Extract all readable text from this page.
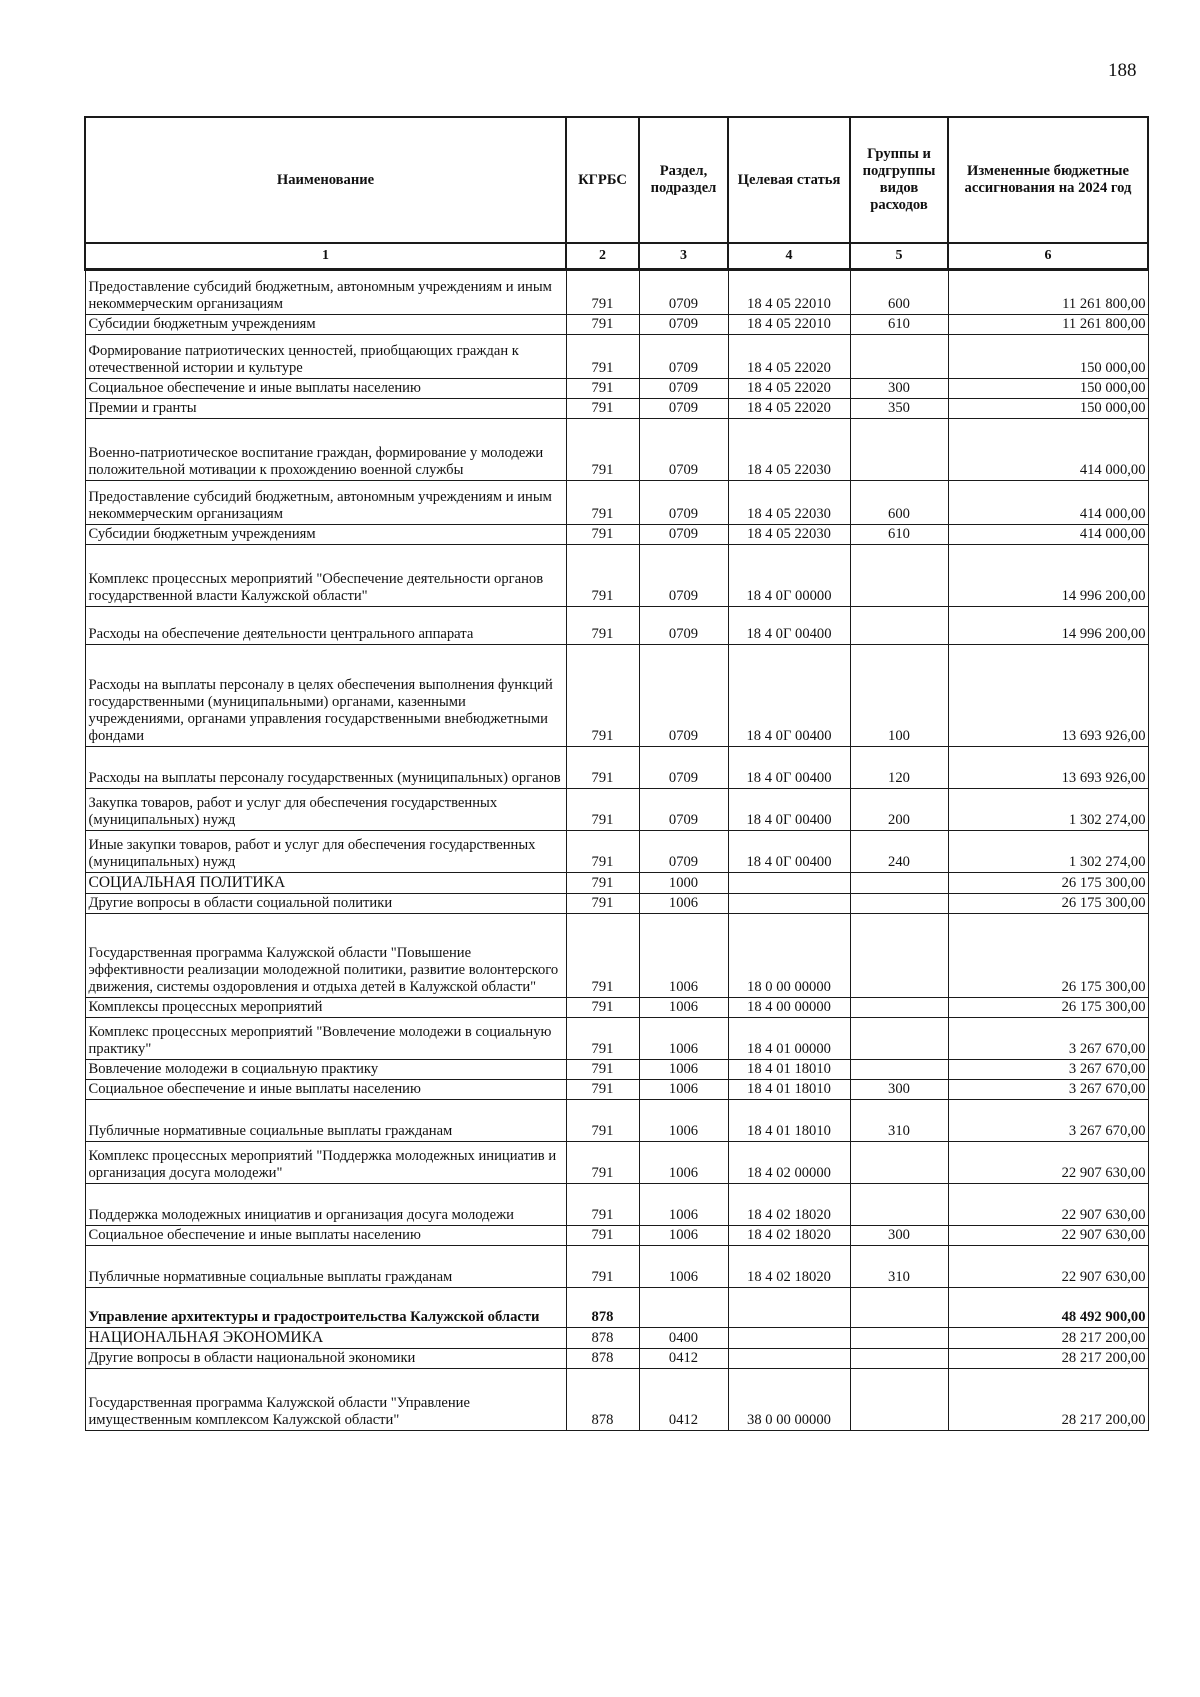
188
Наименование	КГРБС	Раздел, подраздел	Целевая статья	Группы и подгруппы видов расходов	Измененные бюджетные ассигнования на 2024 год
1	2	3	4	5	6
Предоставление субсидий бюджетным, автономным учреждениям и иным некоммерческим организациям	791	0709	18 4 05 22010	600	11 261 800,00
Субсидии бюджетным учреждениям	791	0709	18 4 05 22010	610	11 261 800,00
Формирование патриотических ценностей, приобщающих граждан к отечественной истории и культуре	791	0709	18 4 05 22020		150 000,00
Социальное обеспечение и иные выплаты населению	791	0709	18 4 05 22020	300	150 000,00
Премии и гранты	791	0709	18 4 05 22020	350	150 000,00
Военно-патриотическое воспитание граждан, формирование у молодежи положительной мотивации к прохождению военной службы	791	0709	18 4 05 22030		414 000,00
Предоставление субсидий бюджетным, автономным учреждениям и иным некоммерческим организациям	791	0709	18 4 05 22030	600	414 000,00
Субсидии бюджетным учреждениям	791	0709	18 4 05 22030	610	414 000,00
Комплекс процессных мероприятий "Обеспечение деятельности органов государственной власти Калужской области"	791	0709	18 4 0Г 00000		14 996 200,00
Расходы на обеспечение деятельности центрального аппарата	791	0709	18 4 0Г 00400		14 996 200,00
Расходы на выплаты персоналу в целях обеспечения выполнения функций государственными (муниципальными) органами, казенными учреждениями, органами управления государственными внебюджетными фондами	791	0709	18 4 0Г 00400	100	13 693 926,00
Расходы на выплаты персоналу государственных (муниципальных) органов	791	0709	18 4 0Г 00400	120	13 693 926,00
Закупка товаров, работ и услуг для обеспечения государственных (муниципальных) нужд	791	0709	18 4 0Г 00400	200	1 302 274,00
Иные закупки товаров, работ и услуг для обеспечения государственных (муниципальных) нужд	791	0709	18 4 0Г 00400	240	1 302 274,00
СОЦИАЛЬНАЯ ПОЛИТИКА	791	1000			26 175 300,00
Другие вопросы в области социальной политики	791	1006			26 175 300,00
Государственная программа Калужской области "Повышение эффективности реализации молодежной политики, развитие волонтерского движения, системы оздоровления и отдыха детей в Калужской области"	791	1006	18 0 00 00000		26 175 300,00
Комплексы процессных мероприятий	791	1006	18 4 00 00000		26 175 300,00
Комплекс процессных мероприятий "Вовлечение молодежи в социальную практику"	791	1006	18 4 01 00000		3 267 670,00
Вовлечение молодежи в социальную практику	791	1006	18 4 01 18010		3 267 670,00
Социальное обеспечение и иные выплаты населению	791	1006	18 4 01 18010	300	3 267 670,00
Публичные нормативные социальные выплаты гражданам	791	1006	18 4 01 18010	310	3 267 670,00
Комплекс процессных мероприятий "Поддержка молодежных инициатив и организация досуга молодежи"	791	1006	18 4 02 00000		22 907 630,00
Поддержка молодежных инициатив и организация досуга молодежи	791	1006	18 4 02 18020		22 907 630,00
Социальное обеспечение и иные выплаты населению	791	1006	18 4 02 18020	300	22 907 630,00
Публичные нормативные социальные выплаты гражданам	791	1006	18 4 02 18020	310	22 907 630,00
Управление архитектуры и градостроительства Калужской области	878				48 492 900,00
НАЦИОНАЛЬНАЯ ЭКОНОМИКА	878	0400			28 217 200,00
Другие вопросы в области национальной экономики	878	0412			28 217 200,00
Государственная программа Калужской области "Управление имущественным комплексом Калужской области"	878	0412	38 0 00 00000		28 217 200,00
